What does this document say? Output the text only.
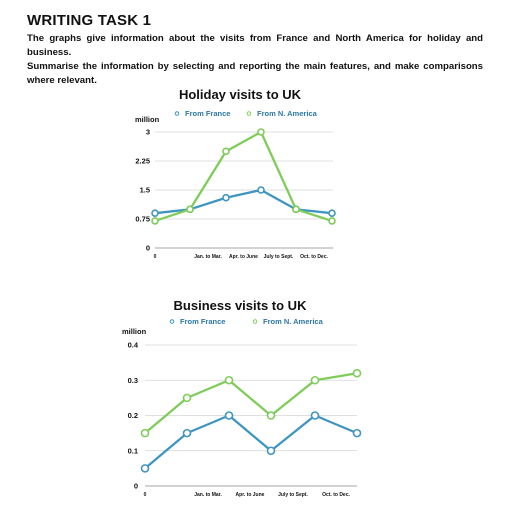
WRITING TASK 1

The graphs give information about the visits from France and North America for holiday and business.

Summarise the information by selecting and reporting the main features, and make comparisons where relevant.

Holiday visits to UK
From France	From N. America
million
0
0.75
1.5
2.25
3
0	Jan. to Mar. Apr. to June July to Sept. Oct. to Dec.
Business visits to UK
From France	From N. America
million
0
0.1
0.2
0.3
0.4
0	Jan. to Mar.	Apr. to June	July to Sept.	Oct. to Dec.
